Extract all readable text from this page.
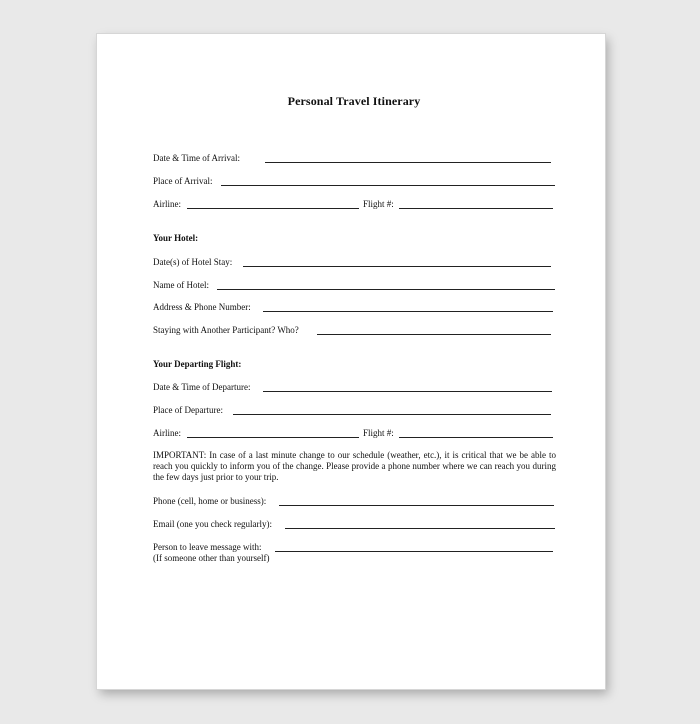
Personal Travel Itinerary
Date & Time of Arrival:
Place of Arrival:
Airline:	Flight #:
Your Hotel:
Date(s) of Hotel Stay:
Name of Hotel:
Address & Phone Number:
Staying with Another Participant? Who?
Your Departing Flight:
Date & Time of Departure:
Place of Departure:
Airline:	Flight #:
IMPORTANT: In case of a last minute change to our schedule (weather, etc.), it is critical that we be able to reach you quickly to inform you of the change. Please provide a phone number where we can reach you during the few days just prior to your trip.
Phone (cell, home or business):
Email (one you check regularly):
Person to leave message with:
(If someone other than yourself)
